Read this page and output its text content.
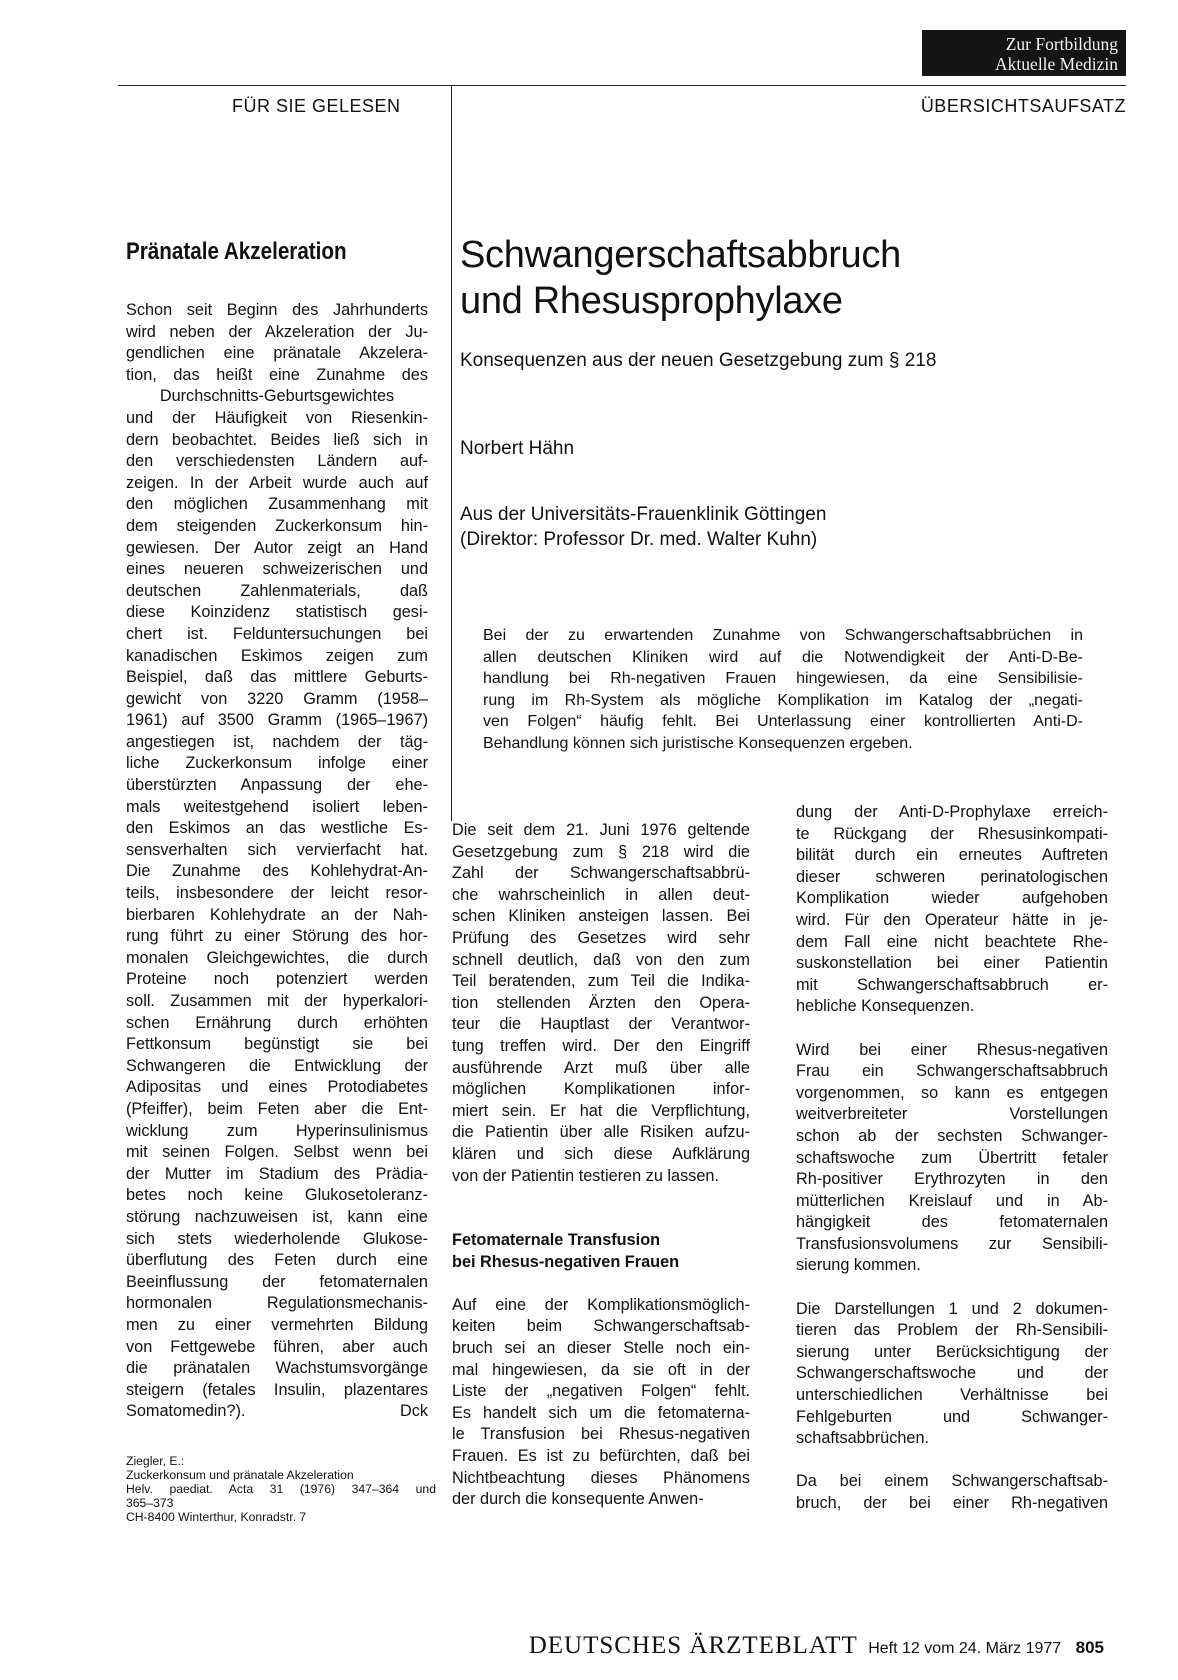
Zur Fortbildung
Aktuelle Medizin
FÜR SIE GELESEN	ÜBERSICHTSAUFSATZ
Pränatale Akzeleration
Schon seit Beginn des Jahrhunderts
wird neben der Akzeleration der Ju-
gendlichen eine pränatale Akzelera-
tion, das heißt eine Zunahme des
Durchschnitts-Geburtsgewichtes
und der Häufigkeit von Riesenkin-
dern beobachtet. Beides ließ sich in
den verschiedensten Ländern auf-
zeigen. In der Arbeit wurde auch auf
den möglichen Zusammenhang mit
dem steigenden Zuckerkonsum hin-
gewiesen. Der Autor zeigt an Hand
eines neueren schweizerischen und
deutschen Zahlenmaterials, daß
diese Koinzidenz statistisch gesi-
chert ist. Felduntersuchungen bei
kanadischen Eskimos zeigen zum
Beispiel, daß das mittlere Geburts-
gewicht von 3220 Gramm (1958–
1961) auf 3500 Gramm (1965–1967)
angestiegen ist, nachdem der täg-
liche Zuckerkonsum infolge einer
überstürzten Anpassung der ehe-
mals weitestgehend isoliert leben-
den Eskimos an das westliche Es-
sensverhalten sich vervierfacht hat.
Die Zunahme des Kohlehydrat-An-
teils, insbesondere der leicht resor-
bierbaren Kohlehydrate an der Nah-
rung führt zu einer Störung des hor-
monalen Gleichgewichtes, die durch
Proteine noch potenziert werden
soll. Zusammen mit der hyperkalori-
schen Ernährung durch erhöhten
Fettkonsum begünstigt sie bei
Schwangeren die Entwicklung der
Adipositas und eines Protodiabetes
(Pfeiffer), beim Feten aber die Ent-
wicklung zum Hyperinsulinismus
mit seinen Folgen. Selbst wenn bei
der Mutter im Stadium des Prädia-
betes noch keine Glukosetoleranz-
störung nachzuweisen ist, kann eine
sich stets wiederholende Glukose-
überflutung des Feten durch eine
Beeinflussung der fetomaternalen
hormonalen Regulationsmechanis-
men zu einer vermehrten Bildung
von Fettgewebe führen, aber auch
die pränatalen Wachstumsvorgänge
steigern (fetales Insulin, plazentares
Somatomedin?). Dck
Ziegler, E.:
Zuckerkonsum und pränatale Akzeleration
Helv. paediat. Acta 31 (1976) 347–364 und
365–373
CH-8400 Winterthur, Konradstr. 7
Schwangerschaftsabbruch
und Rhesusprophylaxe
Konsequenzen aus der neuen Gesetzgebung zum § 218
Norbert Hähn
Aus der Universitäts-Frauenklinik Göttingen
(Direktor: Professor Dr. med. Walter Kuhn)
Bei der zu erwartenden Zunahme von Schwangerschaftsabbrüchen in
allen deutschen Kliniken wird auf die Notwendigkeit der Anti-D-Be-
handlung bei Rh-negativen Frauen hingewiesen, da eine Sensibilisie-
rung im Rh-System als mögliche Komplikation im Katalog der „negati-
ven Folgen“ häufig fehlt. Bei Unterlassung einer kontrollierten Anti-D-
Behandlung können sich juristische Konsequenzen ergeben.
Die seit dem 21. Juni 1976 geltende
Gesetzgebung zum § 218 wird die
Zahl der Schwangerschaftsabbrü-
che wahrscheinlich in allen deut-
schen Kliniken ansteigen lassen. Bei
Prüfung des Gesetzes wird sehr
schnell deutlich, daß von den zum
Teil beratenden, zum Teil die Indika-
tion stellenden Ärzten den Opera-
teur die Hauptlast der Verantwor-
tung treffen wird. Der den Eingriff
ausführende Arzt muß über alle
möglichen Komplikationen infor-
miert sein. Er hat die Verpflichtung,
die Patientin über alle Risiken aufzu-
klären und sich diese Aufklärung
von der Patientin testieren zu lassen.
Fetomaternale Transfusion
bei Rhesus-negativen Frauen
Auf eine der Komplikationsmöglich-
keiten beim Schwangerschaftsab-
bruch sei an dieser Stelle noch ein-
mal hingewiesen, da sie oft in der
Liste der „negativen Folgen“ fehlt.
Es handelt sich um die fetomaterna-
le Transfusion bei Rhesus-negativen
Frauen. Es ist zu befürchten, daß bei
Nichtbeachtung dieses Phänomens
der durch die konsequente Anwen-
dung der Anti-D-Prophylaxe erreich-
te Rückgang der Rhesusinkompati-
bilität durch ein erneutes Auftreten
dieser schweren perinatologischen
Komplikation wieder aufgehoben
wird. Für den Operateur hätte in je-
dem Fall eine nicht beachtete Rhe-
suskonstellation bei einer Patientin
mit Schwangerschaftsabbruch er-
hebliche Konsequenzen.
Wird bei einer Rhesus-negativen
Frau ein Schwangerschaftsabbruch
vorgenommen, so kann es entgegen
weitverbreiteter Vorstellungen
schon ab der sechsten Schwanger-
schaftswoche zum Übertritt fetaler
Rh-positiver Erythrozyten in den
mütterlichen Kreislauf und in Ab-
hängigkeit des fetomaternalen
Transfusionsvolumens zur Sensibili-
sierung kommen.
Die Darstellungen 1 und 2 dokumen-
tieren das Problem der Rh-Sensibili-
sierung unter Berücksichtigung der
Schwangerschaftswoche und der
unterschiedlichen Verhältnisse bei
Fehlgeburten und Schwanger-
schaftsabbrüchen.
Da bei einem Schwangerschaftsab-
bruch, der bei einer Rh-negativen
DEUTSCHES ÄRZTEBLATT Heft 12 vom 24. März 1977 805
